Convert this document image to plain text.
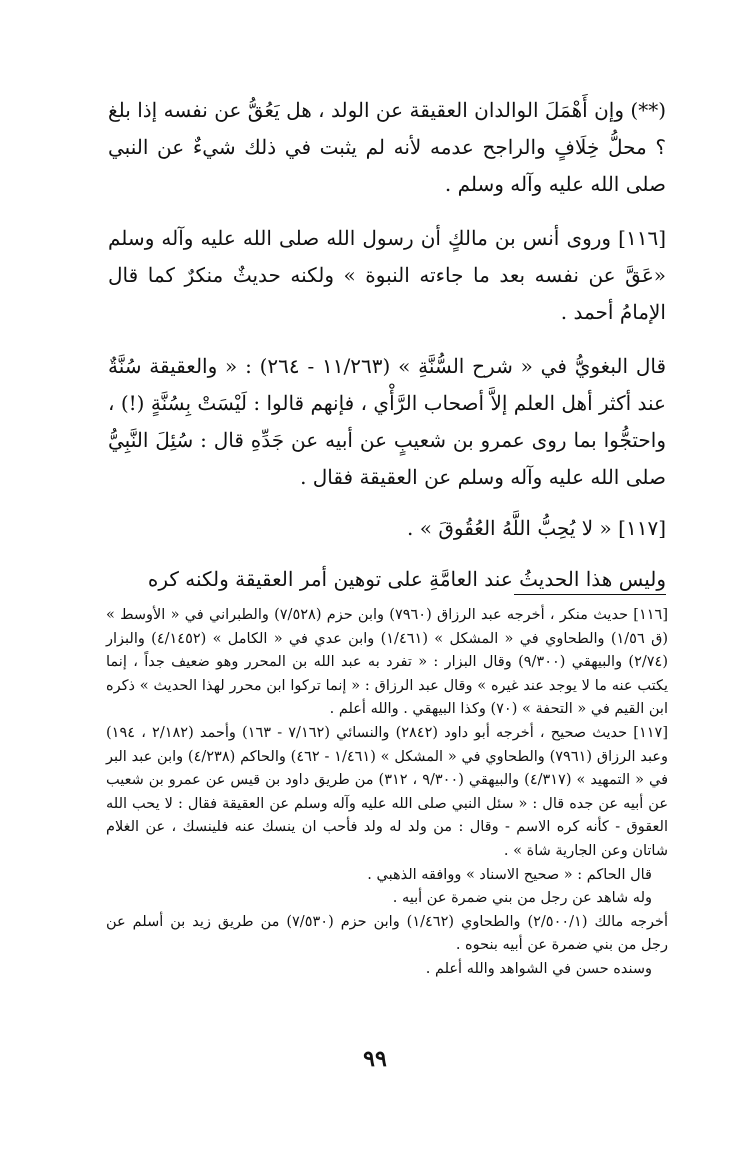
(**) وإن أَهْمَلَ الوالدان العقيقة عن الولد ، هل يَعُقُّ عن نفسه إذا بلغ ؟ محلُّ خِلَافٍ والراجح عدمه لأنه لم يثبت في ذلك شيءٌ عن النبي صلى الله عليه وآله وسلم .

[١١٦] وروى أنس بن مالكٍ أن رسول الله صلى الله عليه وآله وسلم «عَقَّ عن نفسه بعد ما جاءته النبوة » ولكنه حديثٌ منكرٌ كما قال الإمامُ أحمد .

قال البغويُّ في « شرح السُّنَّةِ » (١١/٢٦٣ - ٢٦٤) : « والعقيقة سُنَّةٌ عند أكثر أهل العلم إلاَّ أصحاب الرَّأْي ، فإنهم قالوا : لَيْسَتْ بِسُنَّةٍ (!) ، واحتجُّوا بما روى عمرو بن شعيبٍ عن أبيه عن جَدِّهِ قال : سُئِلَ النَّبِيُّ صلى الله عليه وآله وسلم عن العقيقة فقال .

[١١٧] « لا يُحِبُّ اللَّهُ العُقُوقَ » .

وليس هذا الحديثُ عند العامَّةِ على توهين أمر العقيقة ولكنه كره

[١١٦] حديث منكر ، أخرجه عبد الرزاق (٧٩٦٠) وابن حزم (٧/٥٢٨) والطبراني في « الأوسط » (ق ١/٥٦) والطحاوي في « المشكل » (١/٤٦١) وابن عدي في « الكامل » (٤/١٤٥٢) والبزار (٢/٧٤) والبيهقي (٩/٣٠٠) وقال البزار : « تفرد به عبد الله بن المحرر وهو ضعيف جداً ، إنما يكتب عنه ما لا يوجد عند غيره » وقال عبد الرزاق : « إنما تركوا ابن محرر لهذا الحديث » ذكره ابن القيم في « التحفة » (٧٠) وكذا البيهقي . والله أعلم .

[١١٧] حديث صحيح ، أخرجه أبو داود (٢٨٤٢) والنسائي (٧/١٦٢ - ١٦٣) وأحمد (٢/١٨٢ ، ١٩٤) وعبد الرزاق (٧٩٦١) والطحاوي في « المشكل » (١/٤٦١ - ٤٦٢) والحاكم (٤/٢٣٨) وابن عبد البر في « التمهيد » (٤/٣١٧) والبيهقي (٩/٣٠٠ ، ٣١٢) من طريق داود بن قيس عن عمرو بن شعيب عن أبيه عن جده قال : « سئل النبي صلى الله عليه وآله وسلم عن العقيقة فقال : لا يحب الله العقوق - كأنه كره الاسم - وقال : من ولد له ولد فأحب ان ينسك عنه فلينسك ، عن الغلام شاتان وعن الجارية شاة » .

قال الحاكم : « صحيح الاسناد » ووافقه الذهبي .

وله شاهد عن رجل من بني ضمرة عن أبيه .

أخرجه مالك (٢/٥٠٠/١) والطحاوي (١/٤٦٢) وابن حزم (٧/٥٣٠) من طريق زيد بن أسلم عن رجل من بني ضمرة عن أبيه بنحوه .

وسنده حسن في الشواهد والله أعلم .

٩٩
